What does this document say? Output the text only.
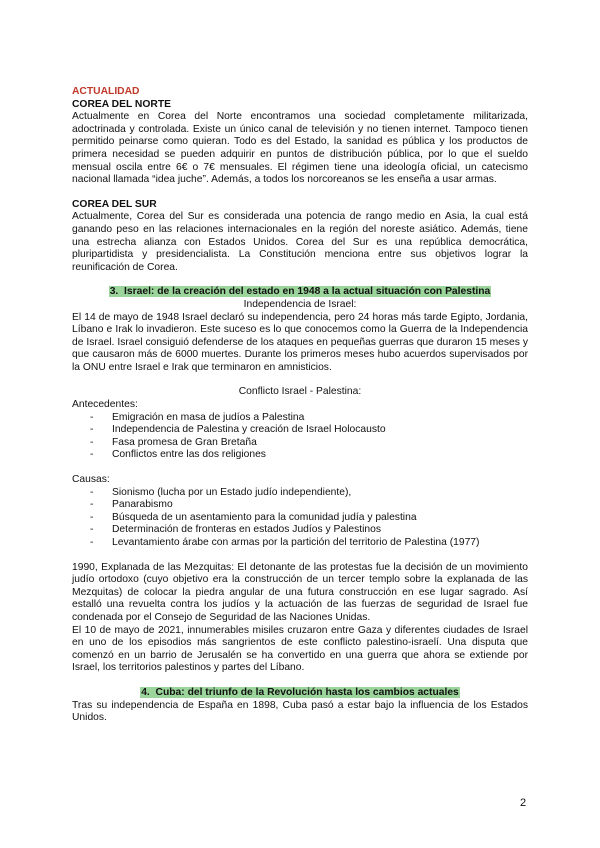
ACTUALIDAD
COREA DEL NORTE
Actualmente en Corea del Norte encontramos una sociedad completamente militarizada, adoctrinada y controlada. Existe un único canal de televisión y no tienen internet. Tampoco tienen permitido peinarse como quieran. Todo es del Estado, la sanidad es pública y los productos de primera necesidad se pueden adquirir en puntos de distribución pública, por lo que el sueldo mensual oscila entre 6€ o 7€ mensuales. El régimen tiene una ideología oficial, un catecismo nacional llamada “idea juche”. Además, a todos los norcoreanos se les enseña a usar armas.
COREA DEL SUR
Actualmente, Corea del Sur es considerada una potencia de rango medio en Asia, la cual está ganando peso en las relaciones internacionales en la región del noreste asiático. Además, tiene una estrecha alianza con Estados Unidos. Corea del Sur es una república democrática, pluripartidista y presidencialista. La Constitución menciona entre sus objetivos lograr la reunificación de Corea.
3. Israel: de la creación del estado en 1948 a la actual situación con Palestina
Independencia de Israel:
El 14 de mayo de 1948 Israel declaró su independencia, pero 24 horas más tarde Egipto, Jordania, Líbano e Irak lo invadieron. Este suceso es lo que conocemos como la Guerra de la Independencia de Israel. Israel consiguió defenderse de los ataques en pequeñas guerras que duraron 15 meses y que causaron más de 6000 muertes. Durante los primeros meses hubo acuerdos supervisados por la ONU entre Israel e Irak que terminaron en amnisticios.
Conflicto Israel - Palestina:
Antecedentes:
- Emigración en masa de judíos a Palestina
- Independencia de Palestina y creación de Israel Holocausto
- Fasa promesa de Gran Bretaña
- Conflictos entre las dos religiones
Causas:
- Sionismo (lucha por un Estado judío independiente),
- Panarabismo
- Búsqueda de un asentamiento para la comunidad judía y palestina
- Determinación de fronteras en estados Judíos y Palestinos
- Levantamiento árabe con armas por la partición del territorio de Palestina (1977)
1990, Explanada de las Mezquitas: El detonante de las protestas fue la decisión de un movimiento judío ortodoxo (cuyo objetivo era la construcción de un tercer templo sobre la explanada de las Mezquitas) de colocar la piedra angular de una futura construcción en ese lugar sagrado. Así estalló una revuelta contra los judíos y la actuación de las fuerzas de seguridad de Israel fue condenada por el Consejo de Seguridad de las Naciones Unidas.
El 10 de mayo de 2021, innumerables misiles cruzaron entre Gaza y diferentes ciudades de Israel en uno de los episodios más sangrientos de este conflicto palestino-israelí. Una disputa que comenzó en un barrio de Jerusalén se ha convertido en una guerra que ahora se extiende por Israel, los territorios palestinos y partes del Líbano.
4. Cuba: del triunfo de la Revolución hasta los cambios actuales
Tras su independencia de España en 1898, Cuba pasó a estar bajo la influencia de los Estados Unidos.
2
